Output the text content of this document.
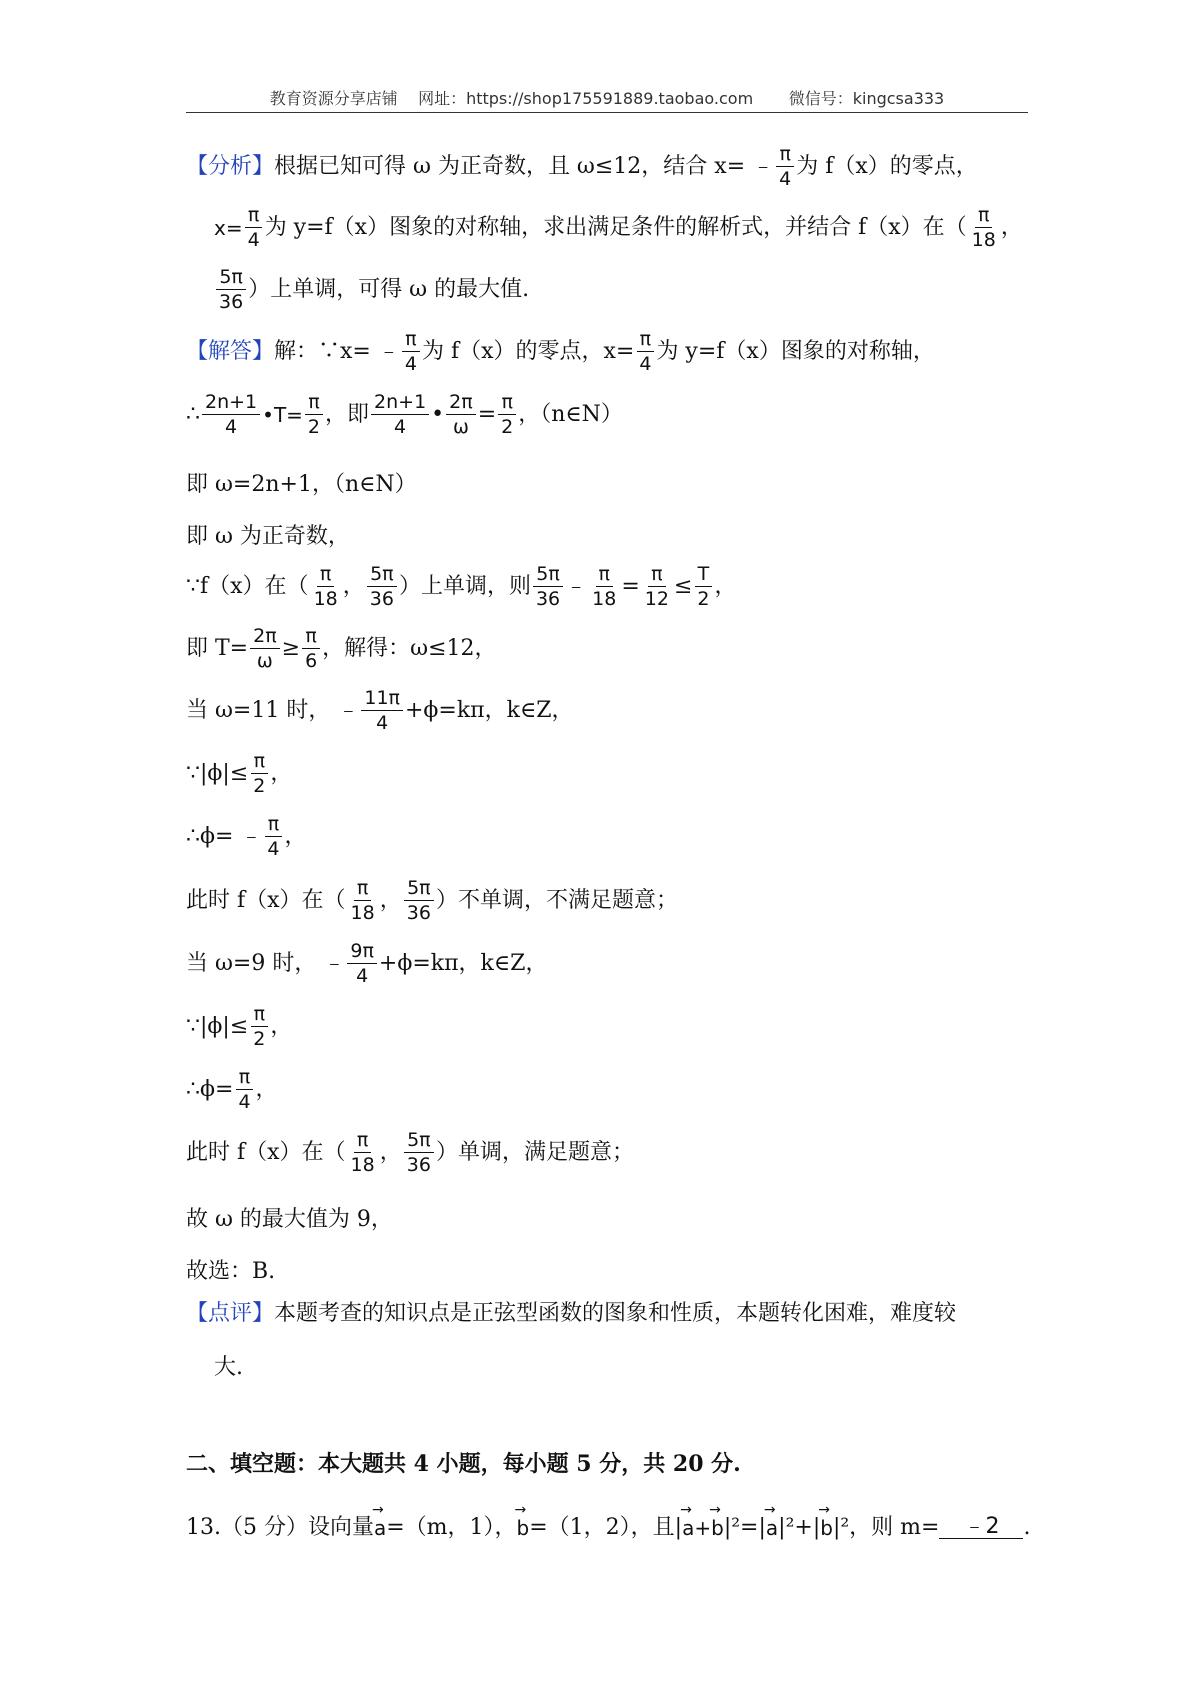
教育资源分享店铺    网址：https://shop175591889.taobao.com       微信号：kingcsa333
【分析】 根据已知可得 ω 为正奇数，且 ω≤12，结合 x= ﹣ $\frac{\pi}{4}$ 为 f（x）的零点，
$x= \frac{\pi}{4}$ 为 y=f（x）图象的对称轴，求出满足条件的解析式，并结合 f（x）在（ $\frac{\pi}{18}$ ，
$\frac{5\pi}{36}$ ）上单调，可得 ω 的最大值.
【解答】 解：∵x= ﹣ $\frac{\pi}{4}$ 为 f（x）的零点，$x= \frac{\pi}{4}$ 为 y=f（x）图象的对称轴，
∴ $\frac{2n+1}{4}$ •T= $\frac{\pi}{2}$ ，即 $\frac{2n+1}{4}$ • $\frac{2\pi}{\omega} = \frac{\pi}{2}$ ，（n∈N）
即 ω=2n+1，（n∈N）
即 ω 为正奇数，
∵f（x）在（ $\frac{\pi}{18}$ ， $\frac{5\pi}{36}$ ）上单调，则 $\frac{5\pi}{36}$ ﹣ $\frac{\pi}{18} = \frac{\pi}{12} \le \frac{T}{2}$ ，
即 $T= \frac{2\pi}{\omega} \ge \frac{\pi}{6}$ ，解得：ω≤12，
当 ω=11 时， ﹣ $\frac{11\pi}{4} +\phi=k\pi$，k∈Z，
∵|ϕ|≤ $\frac{\pi}{2}$ ，
∴ϕ= ﹣ $\frac{\pi}{4}$ ，
此时 f（x）在（ $\frac{\pi}{18}$ ， $\frac{5\pi}{36}$ ）不单调，不满足题意；
当 ω=9 时， ﹣ $\frac{9\pi}{4} +\phi=k\pi$，k∈Z，
∵|ϕ|≤ $\frac{\pi}{2}$ ，
∴ϕ= $\frac{\pi}{4}$ ，
此时 f（x）在（ $\frac{\pi}{18}$ ， $\frac{5\pi}{36}$ ）单调，满足题意；
故 ω 的最大值为 9，
故选：B.
【点评】 本题考查的知识点是正弦型函数的图象和性质，本题转化困难，难度较
大.
二、填空题：本大题共 4 小题，每小题 5 分，共 20 分.
13.（5 分）设向量 → a =（m，1）， → b =（1，2），且| → a + → b |²=| → a |²+| → b |²，则 m=	﹣2	.
